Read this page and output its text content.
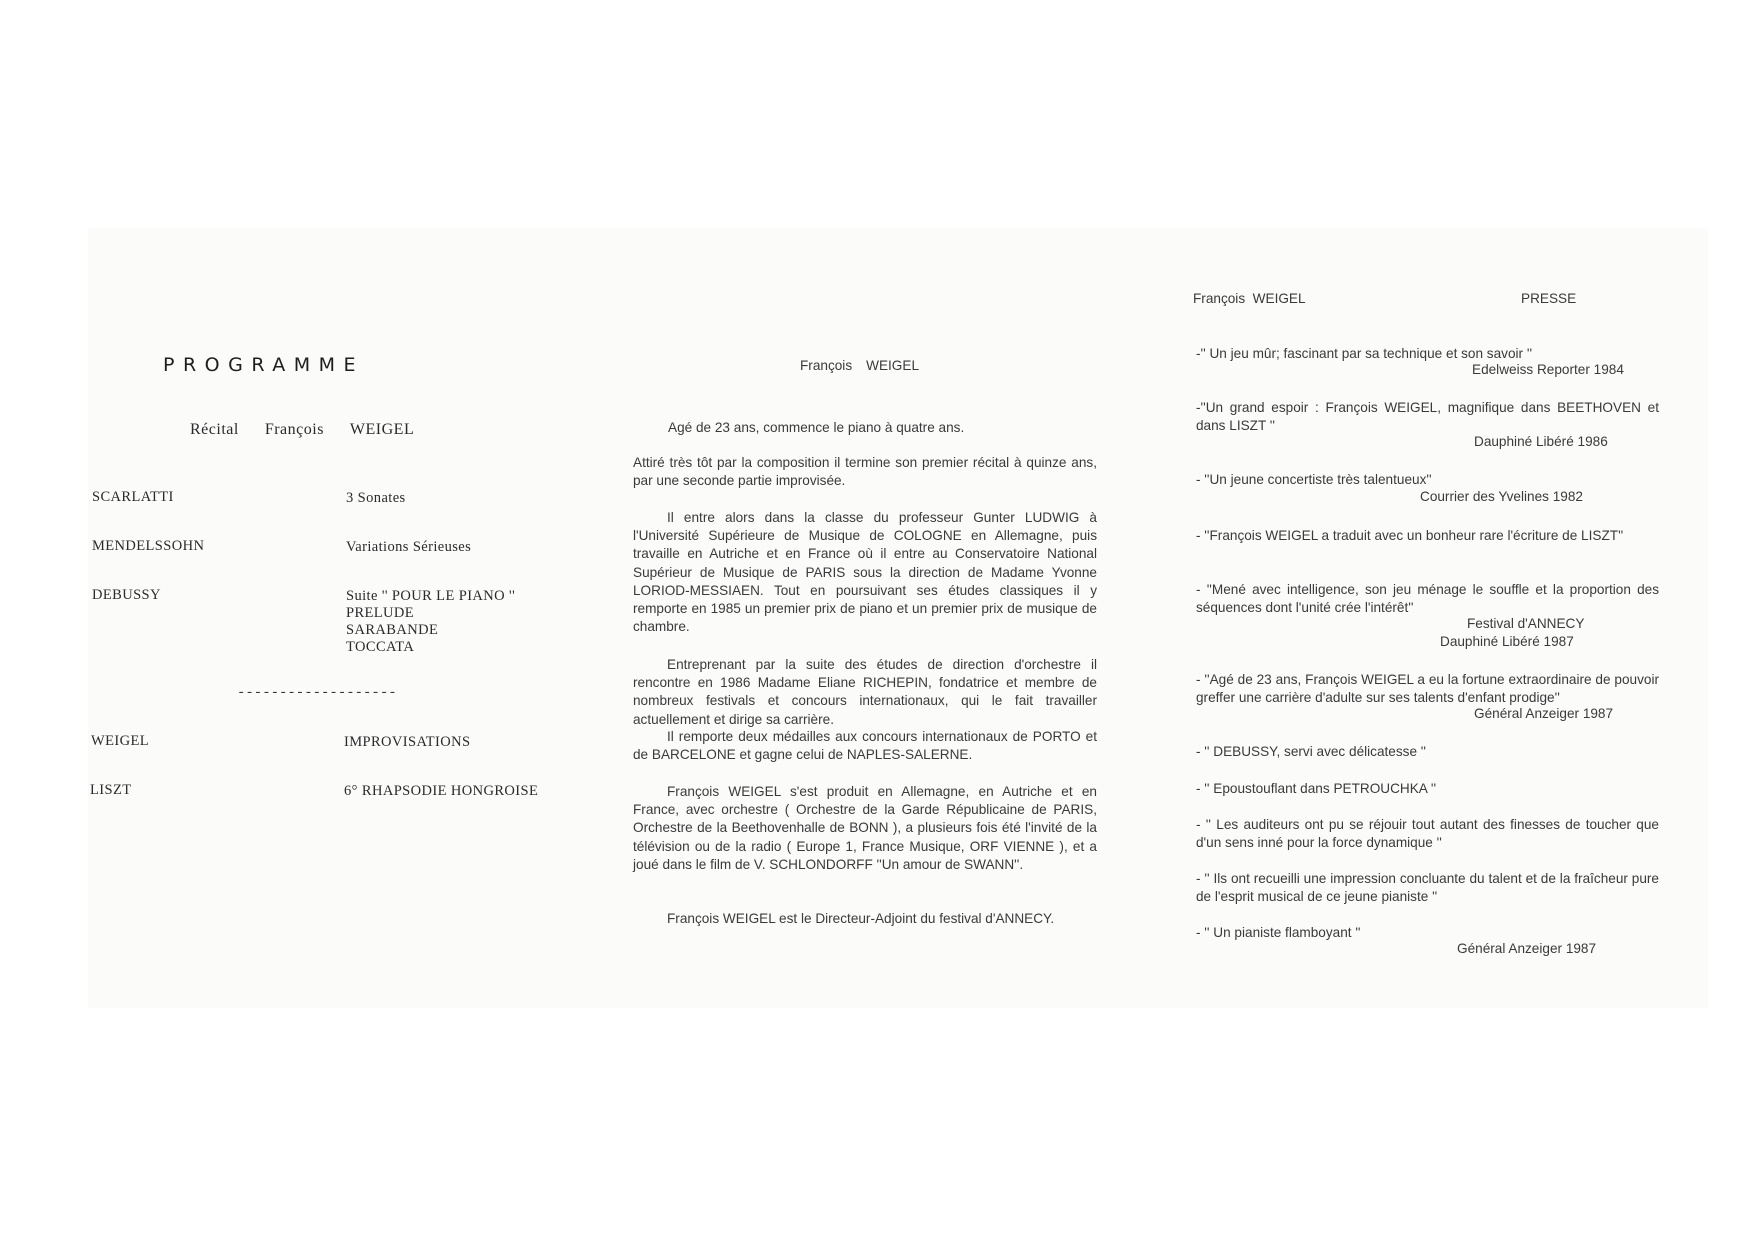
PROGRAMME
Récital François WEIGEL
SCARLATTI	3 Sonates
MENDELSSOHN	Variations Sérieuses
DEBUSSY	Suite '' POUR LE PIANO ''
PRELUDE
SARABANDE
TOCCATA
-------------------
WEIGEL	IMPROVISATIONS
LISZT	6° RHAPSODIE HONGROISE
François WEIGEL
Agé de 23 ans, commence le piano à quatre ans.
Attiré très tôt par la composition il termine son premier récital à quinze ans, par une seconde partie improvisée.
Il entre alors dans la classe du professeur Gunter LUDWIG à l'Université Supérieure de Musique de COLOGNE en Allemagne, puis travaille en Autriche et en France où il entre au Conservatoire National Supérieur de Musique de PARIS sous la direction de Madame Yvonne LORIOD-MESSIAEN. Tout en poursuivant ses études classiques il y remporte en 1985 un premier prix de piano et un premier prix de musique de chambre.
Entreprenant par la suite des études de direction d'orchestre il rencontre en 1986 Madame Eliane RICHEPIN, fondatrice et membre de nombreux festivals et concours internationaux, qui le fait travailler actuellement et dirige sa carrière.
Il remporte deux médailles aux concours internationaux de PORTO et de BARCELONE et gagne celui de NAPLES-SALERNE.
François WEIGEL s'est produit en Allemagne, en Autriche et en France, avec orchestre ( Orchestre de la Garde Républicaine de PARIS, Orchestre de la Beethovenhalle de BONN ), a plusieurs fois été l'invité de la télévision ou de la radio ( Europe 1, France Musique, ORF VIENNE ), et a joué dans le film de V. SCHLONDORFF ''Un amour de SWANN''.
François WEIGEL est le Directeur-Adjoint du festival d'ANNECY.
François  WEIGEL	PRESSE
-'' Un jeu mûr; fascinant par sa technique et son savoir ''
Edelweiss Reporter 1984
-''Un grand espoir : François WEIGEL, magnifique dans BEETHOVEN et dans LISZT ''
Dauphiné Libéré 1986
- ''Un jeune concertiste très talentueux''
Courrier des Yvelines 1982
- ''François WEIGEL a traduit avec un bonheur rare l'écriture de LISZT''
- ''Mené avec intelligence, son jeu ménage le souffle et la proportion des séquences dont l'unité crée l'intérêt''
Festival d'ANNECY
Dauphiné Libéré 1987
- ''Agé de 23 ans, François WEIGEL a eu la fortune extraordinaire de pouvoir greffer une carrière d'adulte sur ses talents d'enfant prodige''
Général Anzeiger 1987
- '' DEBUSSY, servi avec délicatesse ''
- '' Epoustouflant dans PETROUCHKA ''
- '' Les auditeurs ont pu se réjouir tout autant des finesses de toucher que d'un sens inné pour la force dynamique ''
- '' Ils ont recueilli une impression concluante du talent et de la fraîcheur pure de l'esprit musical de ce jeune pianiste ''
- '' Un pianiste flamboyant ''
Général Anzeiger 1987
